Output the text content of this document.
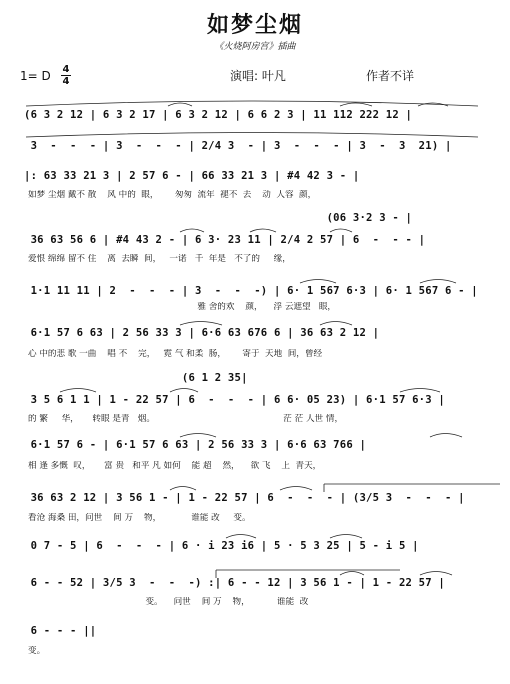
如梦尘烟
《火烧阿房宫》插曲
1= D 4
4	演唱: 叶凡	作者不详
(6 3 2 12 | 6 3 2 17 | 6 3 2 12 | 6 6 2 3 | 11 112 222 12 |
3  -  -  - | 3  -  -  - | 2/4 3  - | 3  -  -  - | 3  -  3  21) |
|: 63 33 21 3 | 2 57 6 - | 66 33 21 3 | #4 42 3 - |
如梦 尘烟 戴不 散    风 中的  眼，      匆匆  流年  褪不  去    动  人容  颜，
(06 3·2 3 - |
36 63 56 6 | #4 43 2 - | 6 3· 23 11 | 2/4 2 57 | 6  -  - - |
爱恨 绵绵 留不 住    离  去瞬  间，   一诺   千  年是   不了的     缘，
1·1 11 11 | 2  -  -  - | 3  -  -  -) | 6· 1 567 6·3 | 6· 1 567 6 - |
雅 舍的欢    颜，    浮 云遮望   眼，
6·1 57 6 63 | 2 56 33 3 | 6·6 63 676 6 | 36 63 2 12 |
心 中的悲 歌 一曲    唱 不    完，   霓 气 和柔  肠，      寄于  天地  间，曾经
(6 1 2 35|
3 5 6 1 1 | 1 - 22 57 | 6  -  -  - | 6 6· 05 23) | 6·1 57 6·3 |
的 繁     华，     转眼 是青   烟。                                               茫 茫 人世 情，
6·1 57 6 - | 6·1 57 6 63 | 2 56 33 3 | 6·6 63 766 |
相 逢 多慨  叹，     富 贵   和平 凡 如何    能 超    然，    欲 飞    上  青天，
36 63 2 12 | 3 56 1 - | 1 - 22 57 | 6  -  -  - | (3/5 3  -  -  - |
看沧 海桑 田，问世    间 万    物，           谁能 改     变。
0 7 - 5 | 6  -  -  - | 6 · i 23 i6 | 5 · 5 3 25 | 5 - i 5 |
6 - - 52 | 3/5 3  -  -  -) :| 6 - - 12 | 3 56 1 - | 1 - 22 57 |
变。    问世    间 万    物，          谁能  改
6 - - - ||
变。
